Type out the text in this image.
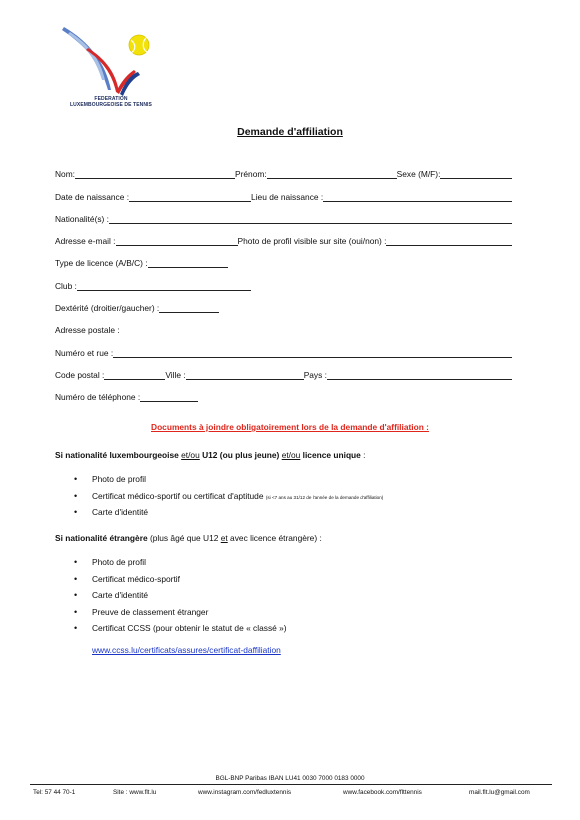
FEDERATION
LUXEMBOURGEOISE DE TENNIS
Demande d'affiliation
Nom:	Prénom:	Sexe (M/F):
Date de naissance :	Lieu de naissance :
Nationalité(s) :
Adresse e-mail :	Photo de profil visible sur site (oui/non) :
Type de licence (A/B/C) :
Club :
Dextérité (droitier/gaucher) :
Adresse postale :
Numéro et rue :
Code postal :	Ville :	Pays :
Numéro de téléphone :
Documents à joindre obligatoirement lors de la demande d'affiliation :
Si nationalité luxembourgeoise et/ou U12 (ou plus jeune) et/ou licence unique :
• Photo de profil
• Certificat médico-sportif ou certificat d'aptitude (si <7 ans au 31/12 de l'année de la demande d'affiliation)
• Carte d'identité
Si nationalité étrangère (plus âgé que U12 et avec licence étrangère) :
• Photo de profil
• Certificat médico-sportif
• Carte d'identité
• Preuve de classement étranger
• Certificat CCSS (pour obtenir le statut de « classé »)
www.ccss.lu/certificats/assures/certificat-daffiliation
BGL-BNP Paribas IBAN LU41 0030 7000 0183 0000
Tel: 57 44 70-1	Site : www.flt.lu	www.instagram.com/fedluxtennis	www.facebook.com/flttennis	mail.flt.lu@gmail.com
